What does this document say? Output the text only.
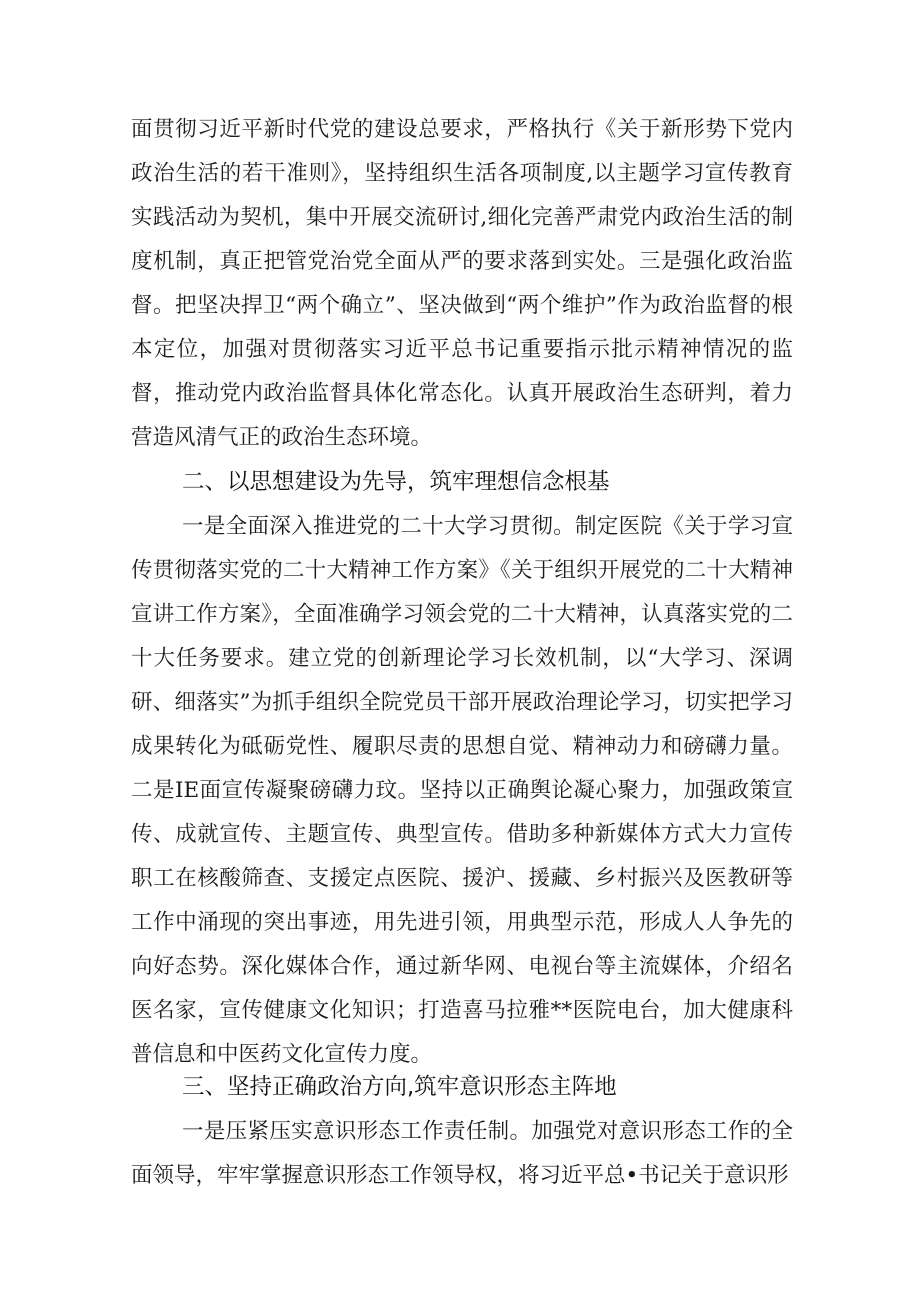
面贯彻习近平新时代党的建设总要求，严格执行《关于新形势下党内政治生活的若干准则》，坚持组织生活各项制度,以主题学习宣传教育实践活动为契机，集中开展交流研讨,细化完善严肃党内政治生活的制度机制，真正把管党治党全面从严的要求落到实处。三是强化政治监督。把坚决捍卫“两个确立”、坚决做到“两个维护”作为政治监督的根本定位，加强对贯彻落实习近平总书记重要指示批示精神情况的监督，推动党内政治监督具体化常态化。认真开展政治生态研判，着力营造风清气正的政治生态环境。

二、以思想建设为先导，筑牢理想信念根基

一是全面深入推进党的二十大学习贯彻。制定医院《关于学习宣传贯彻落实党的二十大精神工作方案》《关于组织开展党的二十大精神宣讲工作方案》，全面准确学习领会党的二十大精神，认真落实党的二十大任务要求。建立党的创新理论学习长效机制，以“大学习、深调研、细落实”为抓手组织全院党员干部开展政治理论学习，切实把学习成果转化为砥砺党性、履职尽责的思想自觉、精神动力和磅礴力量。二是IE面宣传凝聚磅礴力玟。坚持以正确舆论凝心聚力，加强政策宣传、成就宣传、主题宣传、典型宣传。借助多种新媒体方式大力宣传职工在核酸筛查、支援定点医院、援沪、援藏、乡村振兴及医教研等工作中涌现的突出事迹，用先进引领，用典型示范，形成人人争先的向好态势。深化媒体合作，通过新华网、电视台等主流媒体，介绍名医名家，宣传健康文化知识；打造喜马拉雅**医院电台，加大健康科普信息和中医药文化宣传力度。

三、坚持正确政治方向,筑牢意识形态主阵地

一是压紧压实意识形态工作责任制。加强党对意识形态工作的全面领导，牢牢掌握意识形态工作领导权，将习近平总•书记关于意识形
